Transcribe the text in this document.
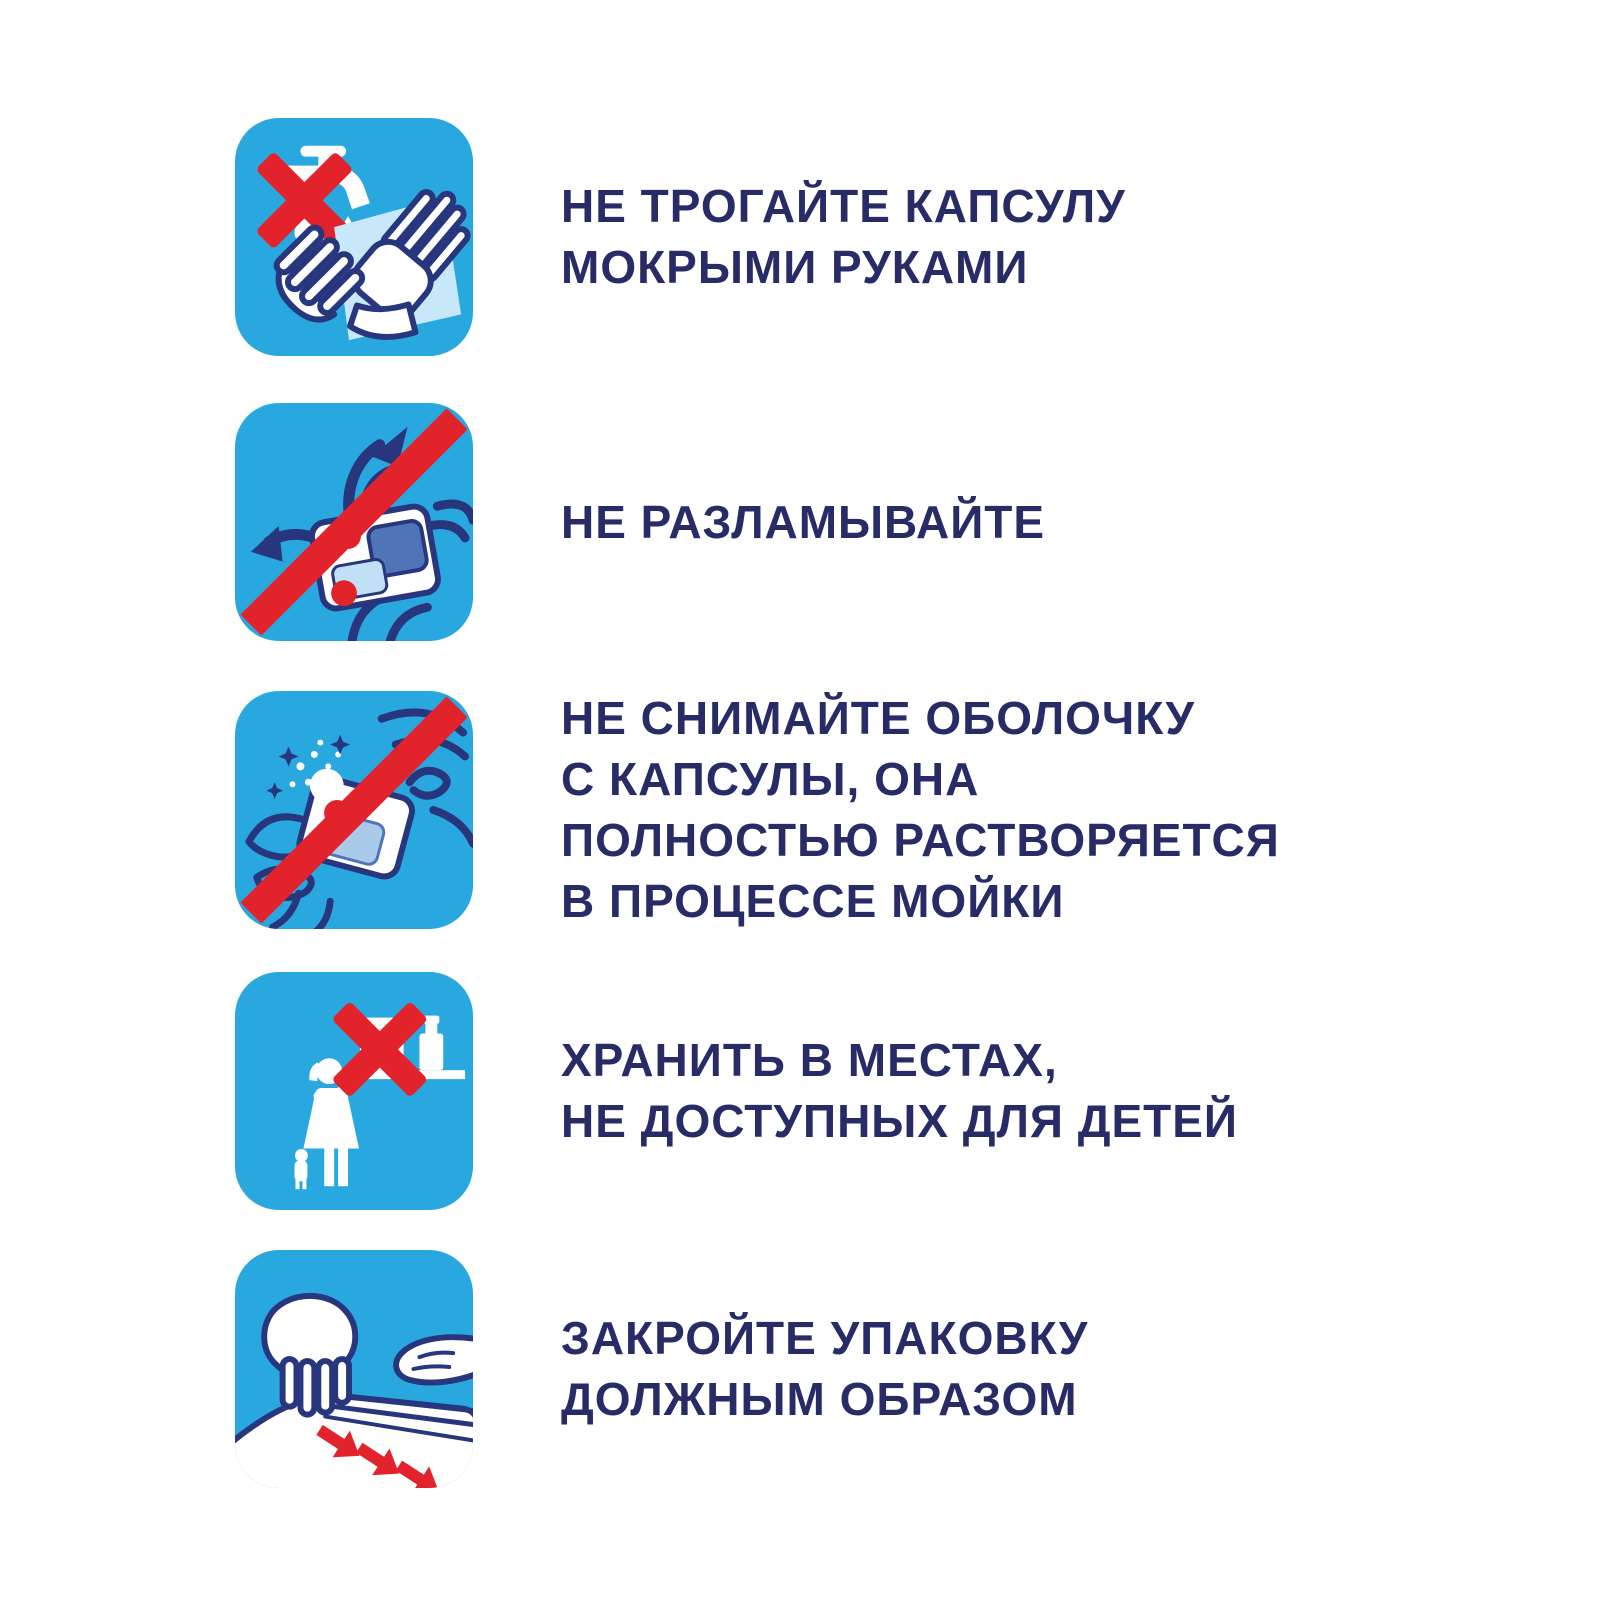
НЕ ТРОГАЙТЕ КАПСУЛУ
МОКРЫМИ РУКАМИ
НЕ РАЗЛАМЫВАЙТЕ
НЕ СНИМАЙТЕ ОБОЛОЧКУ
С КАПСУЛЫ, ОНА
ПОЛНОСТЬЮ РАСТВОРЯЕТСЯ
В ПРОЦЕССЕ МОЙКИ
ХРАНИТЬ В МЕСТАХ,
НЕ ДОСТУПНЫХ ДЛЯ ДЕТЕЙ
ЗАКРОЙТЕ УПАКОВКУ
ДОЛЖНЫМ ОБРАЗОМ
